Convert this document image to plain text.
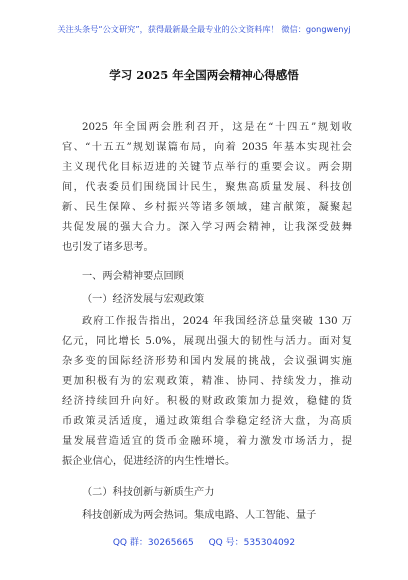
关注头条号“公文研究”，获得最新最全最专业的公文资料库！ 微信：gongwenyj
学习 2025 年全国两会精神心得感悟
2025 年全国两会胜利召开，这是在“十四五”规划收
官、“十五五”规划谋篇布局，向着 2035 年基本实现社会
主义现代化目标迈进的关键节点举行的重要会议。两会期
间，代表委员们围绕国计民生，聚焦高质量发展、科技创
新、民生保障、乡村振兴等诸多领域，建言献策，凝聚起
共促发展的强大合力。深入学习两会精神，让我深受鼓舞
也引发了诸多思考。
一、两会精神要点回顾
（一）经济发展与宏观政策
政府工作报告指出，2024 年我国经济总量突破 130 万
亿元，同比增长 5.0%，展现出强大的韧性与活力。面对复
杂多变的国际经济形势和国内发展的挑战，会议强调实施
更加积极有为的宏观政策，精准、协同、持续发力，推动
经济持续回升向好。积极的财政政策加力提效，稳健的货
币政策灵活适度，通过政策组合拳稳定经济大盘，为高质
量发展营造适宜的货币金融环境，着力激发市场活力，提
振企业信心，促进经济的内生性增长。
（二）科技创新与新质生产力
科技创新成为两会热词。集成电路、人工智能、量子
QQ 群：30265665 QQ 号：535304092
